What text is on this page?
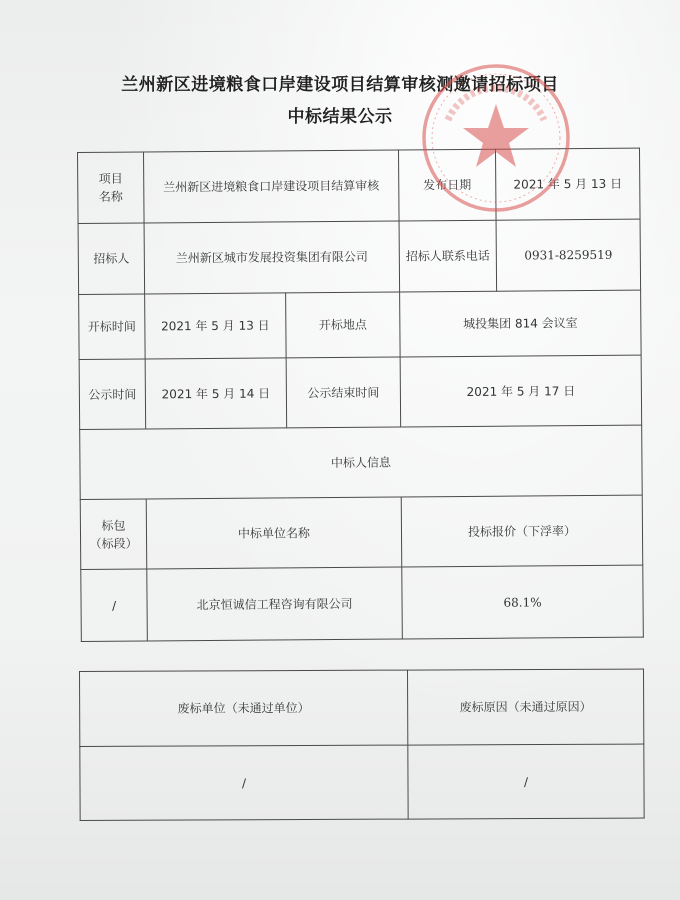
兰州新区进境粮食口岸建设项目结算审核测邀请招标项目
中标结果公示
项目
名称	兰州新区进境粮食口岸建设项目结算审核		发布日期	2021 年 5 月 13 日
招标人	兰州新区城市发展投资集团有限公司		招标人联系电话	0931-8259519
开标时间	2021 年 5 月 13 日	开标地点	城投集团 814 会议室	
公示时间	2021 年 5 月 14 日	公示结束时间	2021 年 5 月 17 日	
中标人信息				
标包
（标段）	中标单位名称		投标报价（下浮率）	
/	北京恒诚信工程咨询有限公司		68.1%	
废标单位（未通过单位）	废标原因（未通过原因）
/	/
